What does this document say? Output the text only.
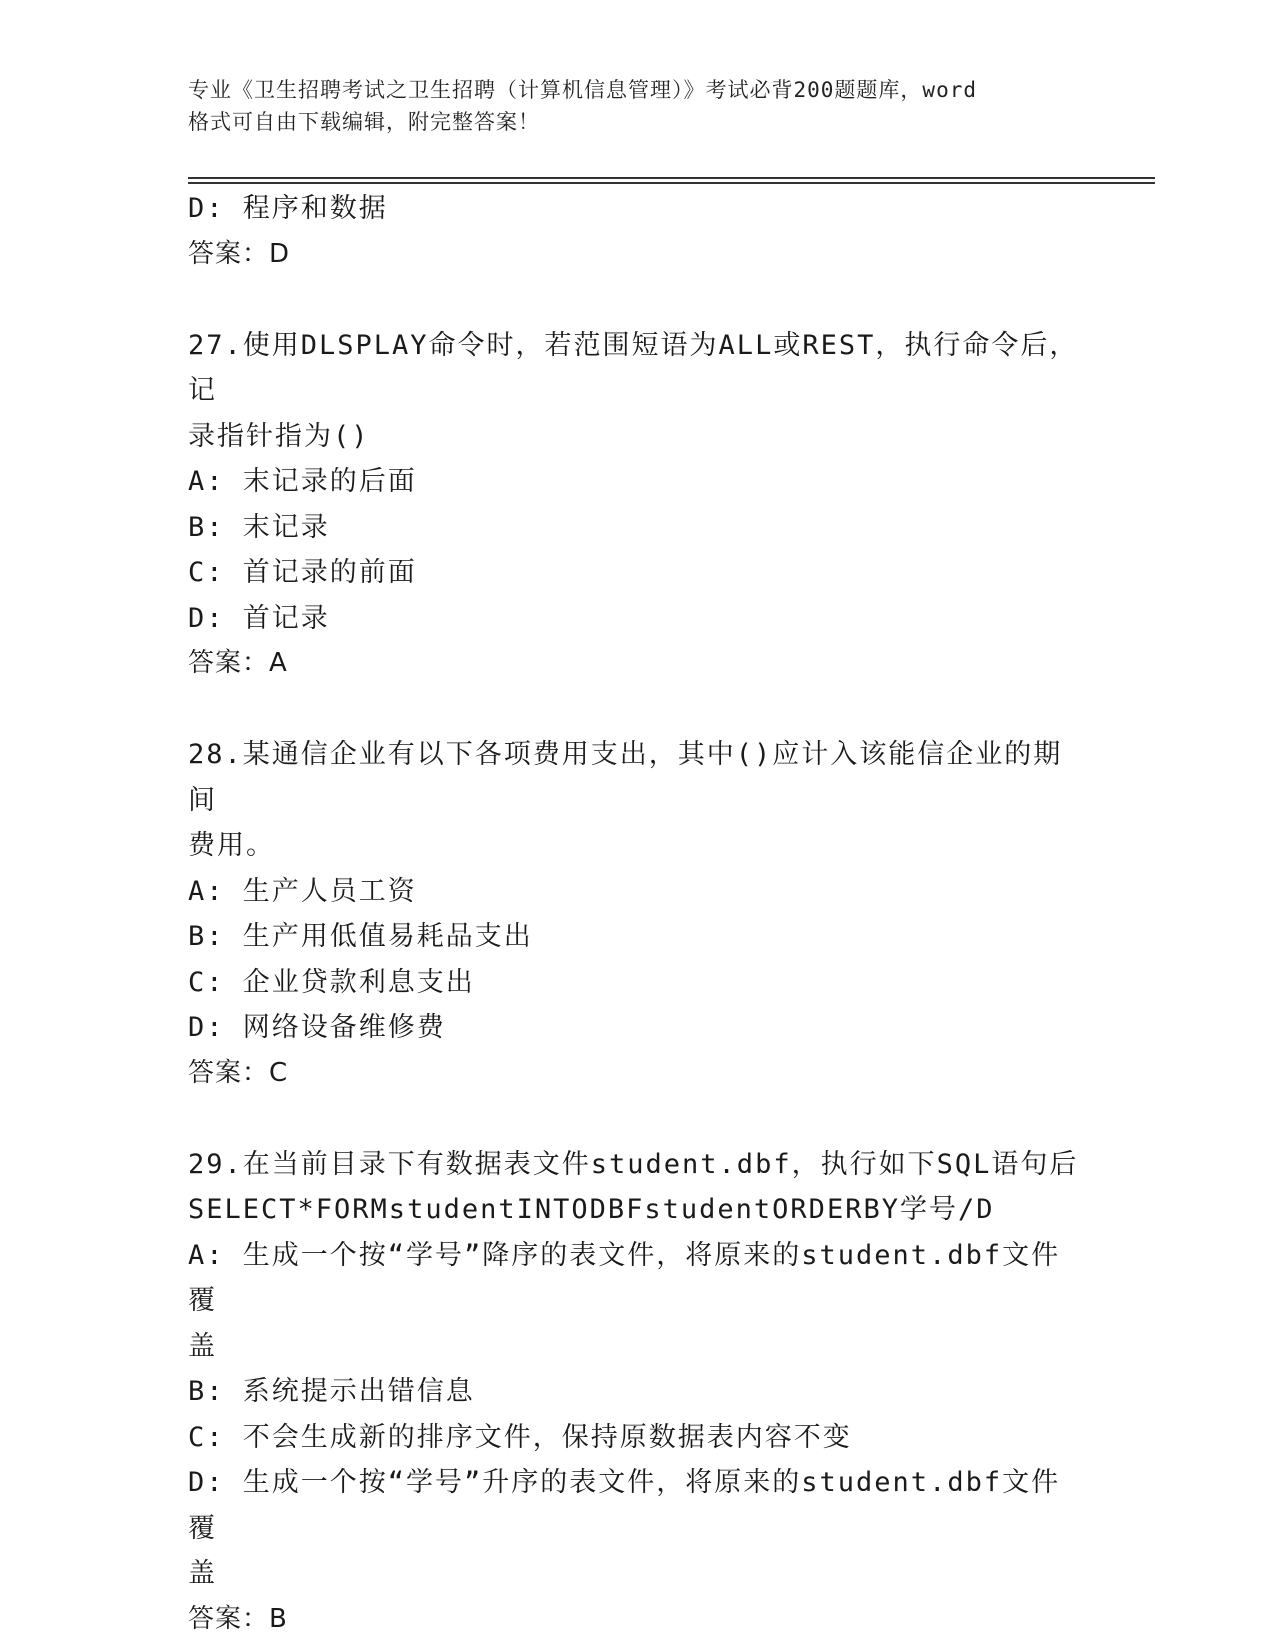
专业《卫生招聘考试之卫生招聘（计算机信息管理）》考试必背200题题库，word
格式可自由下载编辑，附完整答案！
D: 程序和数据
答案：D
27.使用DLSPLAY命令时，若范围短语为ALL或REST，执行命令后，记
录指针指为()
A: 末记录的后面
B: 末记录
C: 首记录的前面
D: 首记录
答案：A
28.某通信企业有以下各项费用支出，其中()应计入该能信企业的期间
费用。
A: 生产人员工资
B: 生产用低值易耗品支出
C: 企业贷款利息支出
D: 网络设备维修费
答案：C
29.在当前目录下有数据表文件student.dbf，执行如下SQL语句后
SELECT*FORMstudentINTODBFstudentORDERBY学号/D
A: 生成一个按“学号”降序的表文件，将原来的student.dbf文件覆
盖
B: 系统提示出错信息
C: 不会生成新的排序文件，保持原数据表内容不变
D: 生成一个按“学号”升序的表文件，将原来的student.dbf文件覆
盖
答案：B
